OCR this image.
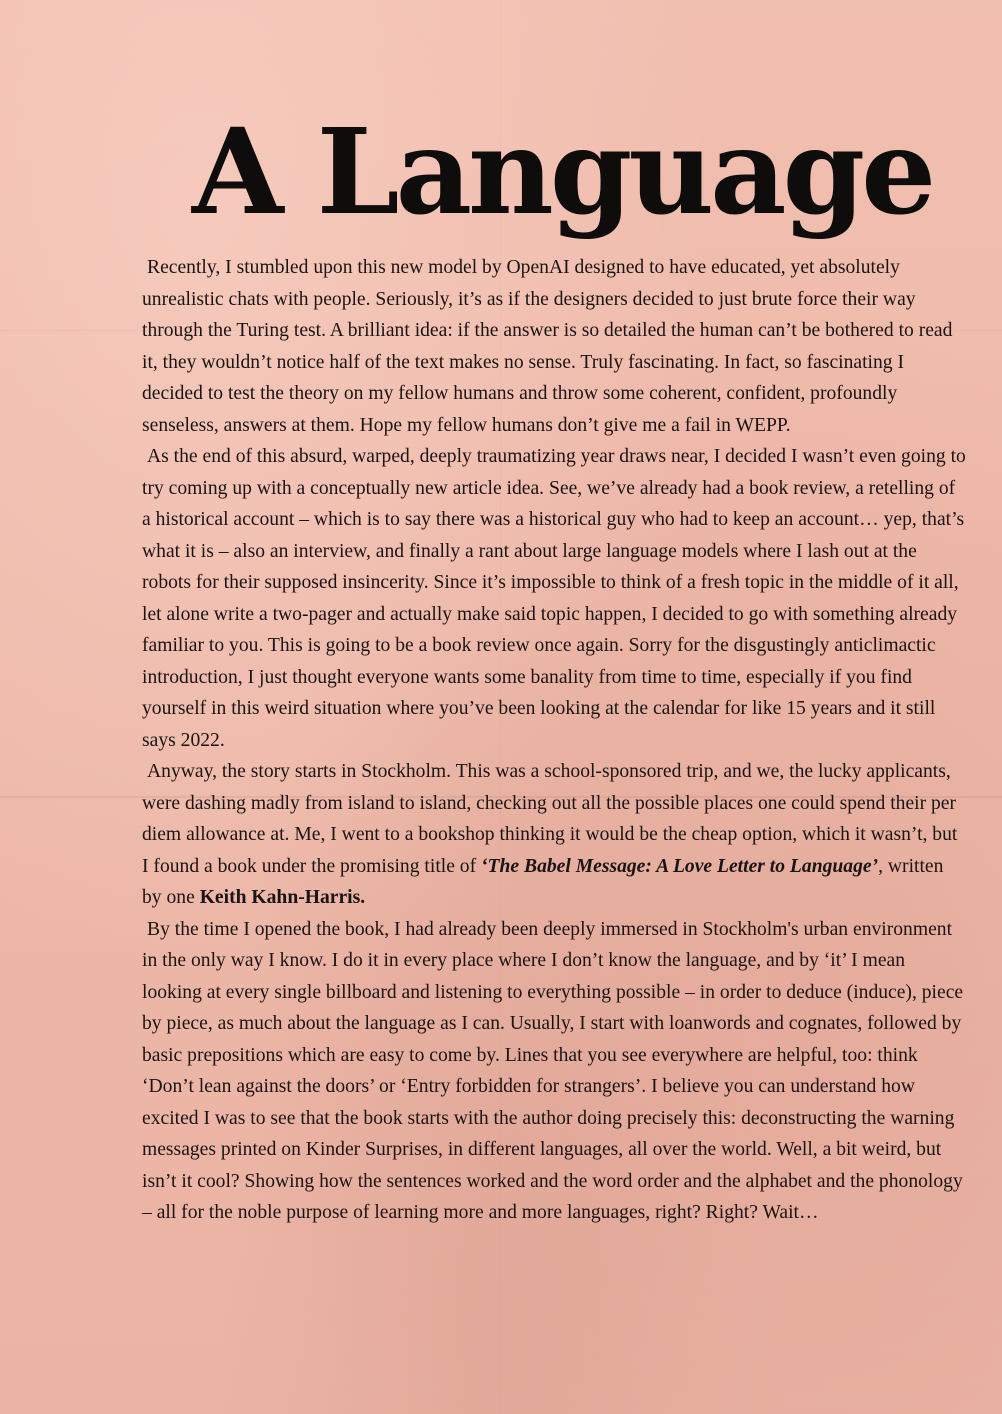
A Language

Recently, I stumbled upon this new model by OpenAI designed to have educated, yet absolutely unrealistic chats with people. Seriously, it’s as if the designers decided to just brute force their way through the Turing test. A brilliant idea: if the answer is so detailed the human can’t be bothered to read it, they wouldn’t notice half of the text makes no sense. Truly fascinating. In fact, so fascinating I decided to test the theory on my fellow humans and throw some coherent, confident, profoundly senseless, answers at them. Hope my fellow humans don’t give me a fail in WEPP.

As the end of this absurd, warped, deeply traumatizing year draws near, I decided I wasn’t even going to try coming up with a conceptually new article idea. See, we’ve already had a book review, a retelling of a historical account – which is to say there was a historical guy who had to keep an account… yep, that’s what it is – also an interview, and finally a rant about large language models where I lash out at the robots for their supposed insincerity. Since it’s impossible to think of a fresh topic in the middle of it all, let alone write a two-pager and actually make said topic happen, I decided to go with something already familiar to you. This is going to be a book review once again. Sorry for the disgustingly anticlimactic introduction, I just thought everyone wants some banality from time to time, especially if you find yourself in this weird situation where you’ve been looking at the calendar for like 15 years and it still says 2022.

Anyway, the story starts in Stockholm. This was a school-sponsored trip, and we, the lucky applicants, were dashing madly from island to island, checking out all the possible places one could spend their per diem allowance at. Me, I went to a bookshop thinking it would be the cheap option, which it wasn’t, but I found a book under the promising title of ‘The Babel Message: A Love Letter to Language’, written by one Keith Kahn-Harris.

By the time I opened the book, I had already been deeply immersed in Stockholm's urban environment in the only way I know. I do it in every place where I don’t know the language, and by ‘it’ I mean looking at every single billboard and listening to everything possible – in order to deduce (induce), piece by piece, as much about the language as I can. Usually, I start with loanwords and cognates, followed by basic prepositions which are easy to come by. Lines that you see everywhere are helpful, too: think ‘Don’t lean against the doors’ or ‘Entry forbidden for strangers’. I believe you can understand how excited I was to see that the book starts with the author doing precisely this: deconstructing the warning messages printed on Kinder Surprises, in different languages, all over the world. Well, a bit weird, but isn’t it cool? Showing how the sentences worked and the word order and the alphabet and the phonology – all for the noble purpose of learning more and more languages, right? Right? Wait…
